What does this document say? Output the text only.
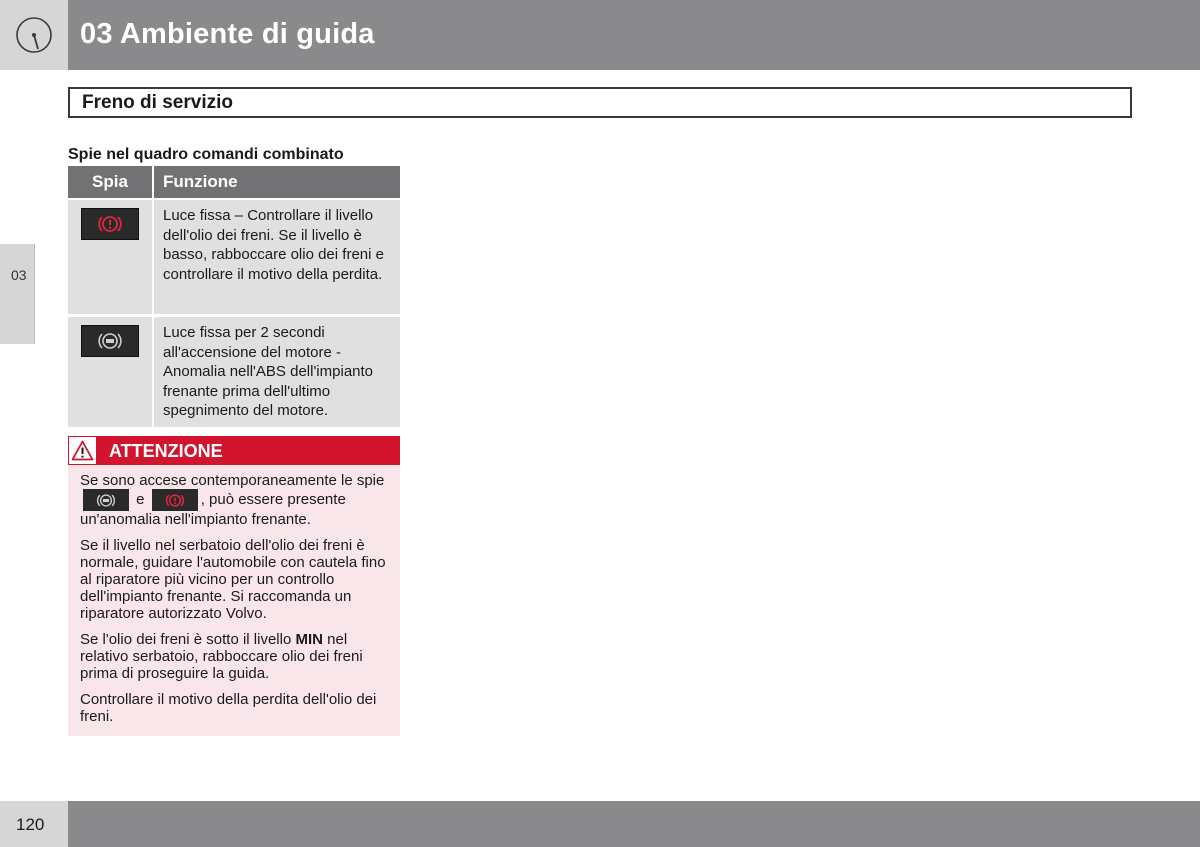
03 Ambiente di guida
Freno di servizio
03
Spie nel quadro comandi combinato
Spia	Funzione

	Luce fissa – Controllare il livello dell'olio dei freni. Se il livello è basso, rabboccare olio dei freni e controllare il motivo della perdita.

	Luce fissa per 2 secondi all'accensione del motore - Anomalia nell'ABS dell'impianto frenante prima dell'ultimo spegnimento del motore.
ATTENZIONE

Se sono accese contemporaneamente le spie
e	, può essere presente un'anomalia nell'impianto frenante.

Se il livello nel serbatoio dell'olio dei freni è normale, guidare l'automobile con cautela fino al riparatore più vicino per un controllo dell'impianto frenante. Si raccomanda un riparatore autorizzato Volvo.

Se l'olio dei freni è sotto il livello MIN nel relativo serbatoio, rabboccare olio dei freni prima di proseguire la guida.

Controllare il motivo della perdita dell'olio dei freni.

120
